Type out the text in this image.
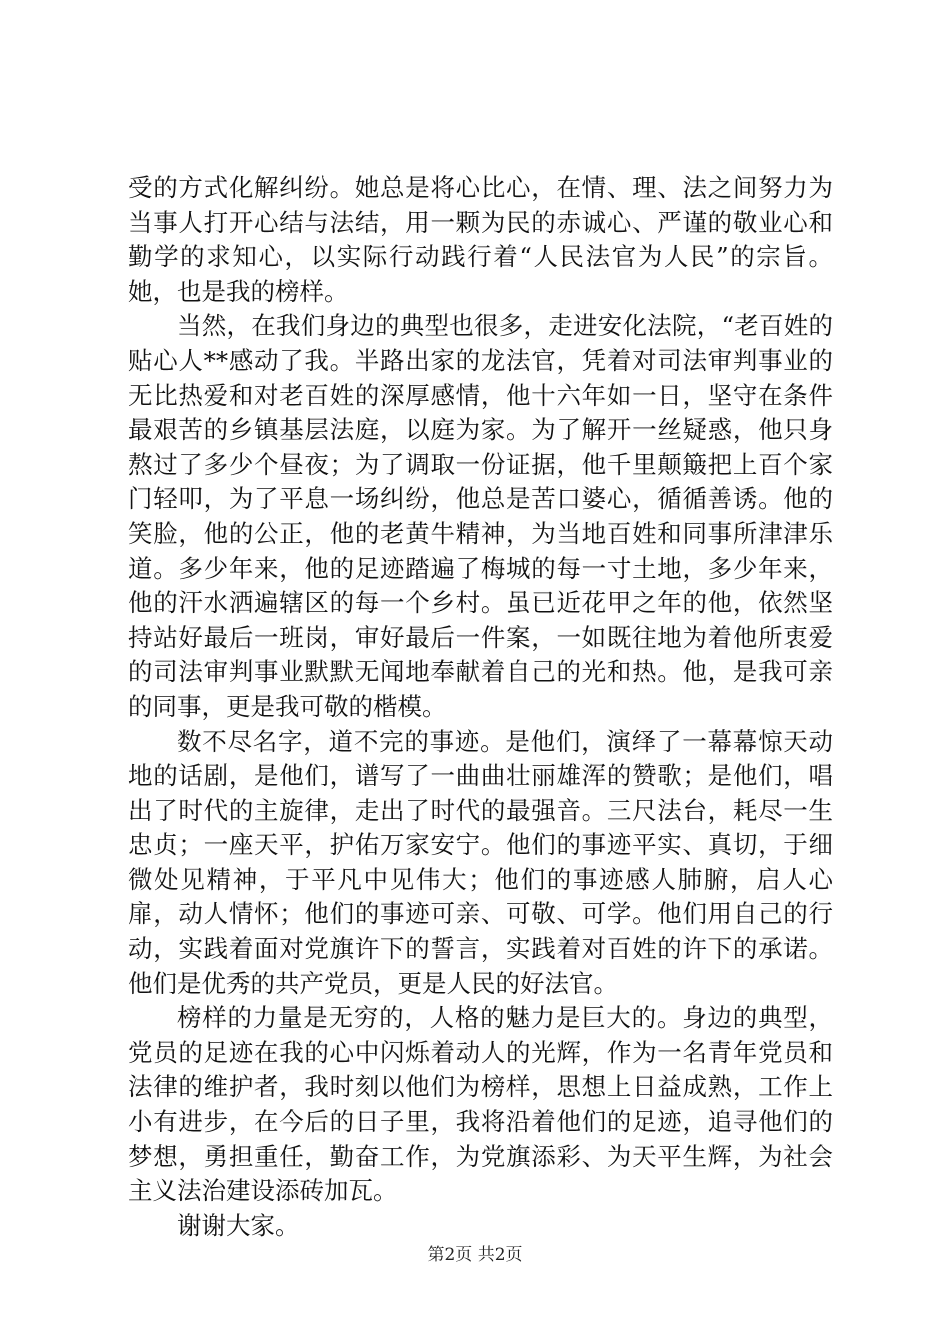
受的方式化解纠纷。她总是将心比心，在情、理、法之间努力为当事人打开心结与法结，用一颗为民的赤诚心、严谨的敬业心和勤学的求知心，以实际行动践行着“人民法官为人民”的宗旨。她，也是我的榜样。

当然，在我们身边的典型也很多，走进安化法院，“老百姓的贴心人**感动了我。半路出家的龙法官，凭着对司法审判事业的无比热爱和对老百姓的深厚感情，他十六年如一日，坚守在条件最艰苦的乡镇基层法庭，以庭为家。为了解开一丝疑惑，他只身熬过了多少个昼夜；为了调取一份证据，他千里颠簸把上百个家门轻叩，为了平息一场纠纷，他总是苦口婆心，循循善诱。他的笑脸，他的公正，他的老黄牛精神，为当地百姓和同事所津津乐道。多少年来，他的足迹踏遍了梅城的每一寸土地，多少年来，他的汗水洒遍辖区的每一个乡村。虽已近花甲之年的他，依然坚持站好最后一班岗，审好最后一件案，一如既往地为着他所衷爱的司法审判事业默默无闻地奉献着自己的光和热。他，是我可亲的同事，更是我可敬的楷模。

数不尽名字，道不完的事迹。是他们，演绎了一幕幕惊天动地的话剧，是他们，谱写了一曲曲壮丽雄浑的赞歌；是他们，唱出了时代的主旋律，走出了时代的最强音。三尺法台，耗尽一生忠贞；一座天平，护佑万家安宁。他们的事迹平实、真切，于细微处见精神，于平凡中见伟大；他们的事迹感人肺腑，启人心扉，动人情怀；他们的事迹可亲、可敬、可学。他们用自己的行动，实践着面对党旗许下的誓言，实践着对百姓的许下的承诺。他们是优秀的共产党员，更是人民的好法官。

榜样的力量是无穷的，人格的魅力是巨大的。身边的典型，党员的足迹在我的心中闪烁着动人的光辉，作为一名青年党员和法律的维护者，我时刻以他们为榜样，思想上日益成熟，工作上小有进步，在今后的日子里，我将沿着他们的足迹，追寻他们的梦想，勇担重任，勤奋工作，为党旗添彩、为天平生辉，为社会主义法治建设添砖加瓦。

谢谢大家。

第2页 共2页
